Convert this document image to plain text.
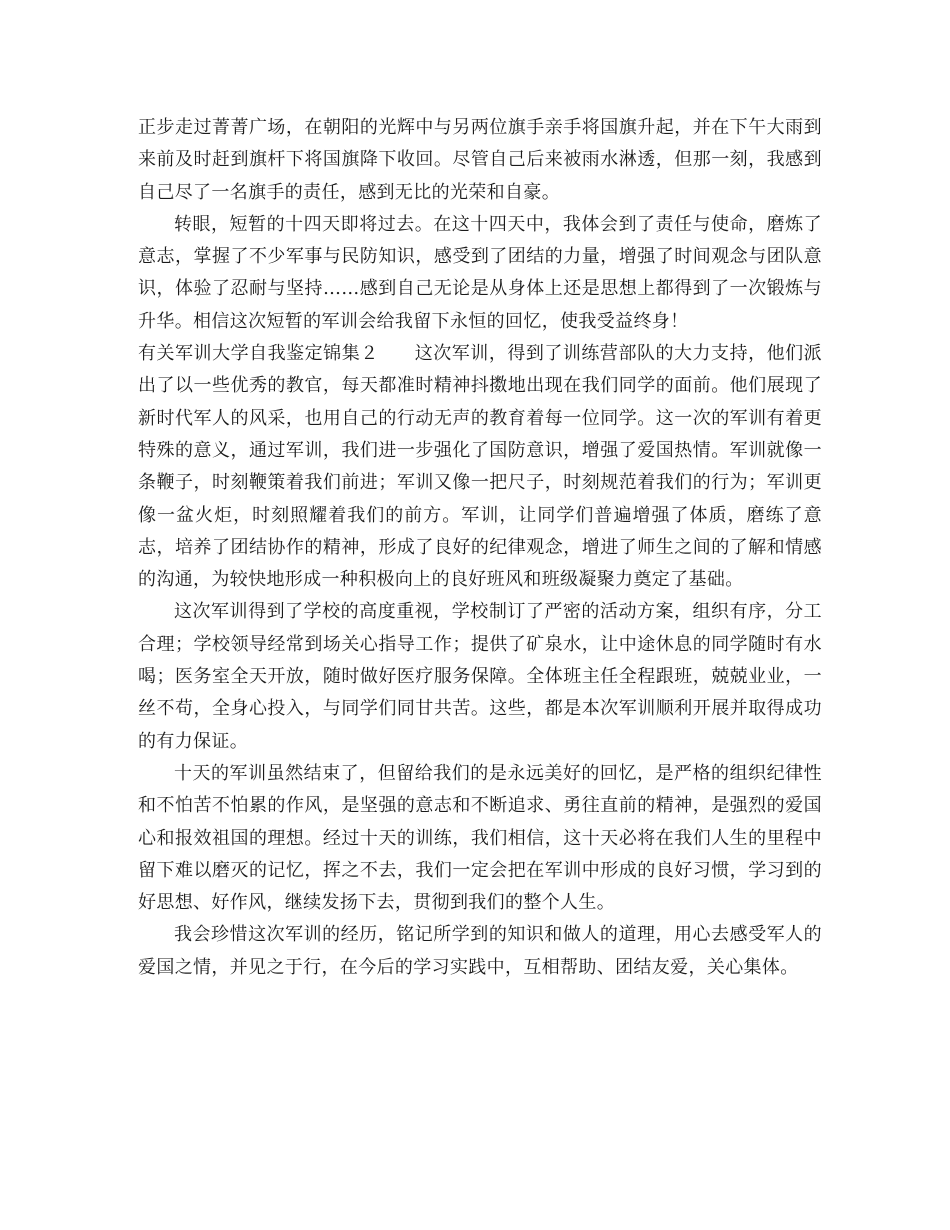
正步走过菁菁广场，在朝阳的光辉中与另两位旗手亲手将国旗升起，并在下午大雨到来前及时赶到旗杆下将国旗降下收回。尽管自己后来被雨水淋透，但那一刻，我感到自己尽了一名旗手的责任，感到无比的光荣和自豪。

转眼，短暂的十四天即将过去。在这十四天中，我体会到了责任与使命，磨炼了意志，掌握了不少军事与民防知识，感受到了团结的力量，增强了时间观念与团队意识，体验了忍耐与坚持……感到自己无论是从身体上还是思想上都得到了一次锻炼与升华。相信这次短暂的军训会给我留下永恒的回忆，使我受益终身！

有关军训大学自我鉴定锦集２ 这次军训，得到了训练营部队的大力支持，他们派出了以一些优秀的教官，每天都准时精神抖擞地出现在我们同学的面前。他们展现了新时代军人的风采，也用自己的行动无声的教育着每一位同学。这一次的军训有着更特殊的意义，通过军训，我们进一步强化了国防意识，增强了爱国热情。军训就像一条鞭子，时刻鞭策着我们前进；军训又像一把尺子，时刻规范着我们的行为；军训更像一盆火炬，时刻照耀着我们的前方。军训，让同学们普遍增强了体质，磨练了意志，培养了团结协作的精神，形成了良好的纪律观念，增进了师生之间的了解和情感的沟通，为较快地形成一种积极向上的良好班风和班级凝聚力奠定了基础。

这次军训得到了学校的高度重视，学校制订了严密的活动方案，组织有序，分工合理；学校领导经常到场关心指导工作；提供了矿泉水，让中途休息的同学随时有水喝；医务室全天开放，随时做好医疗服务保障。全体班主任全程跟班，兢兢业业，一丝不苟，全身心投入，与同学们同甘共苦。这些，都是本次军训顺利开展并取得成功的有力保证。

十天的军训虽然结束了，但留给我们的是永远美好的回忆，是严格的组织纪律性和不怕苦不怕累的作风，是坚强的意志和不断追求、勇往直前的精神，是强烈的爱国心和报效祖国的理想。经过十天的训练，我们相信，这十天必将在我们人生的里程中留下难以磨灭的记忆，挥之不去，我们一定会把在军训中形成的良好习惯，学习到的好思想、好作风，继续发扬下去，贯彻到我们的整个人生。

我会珍惜这次军训的经历，铭记所学到的知识和做人的道理，用心去感受军人的爱国之情，并见之于行，在今后的学习实践中，互相帮助、团结友爱，关心集体。
